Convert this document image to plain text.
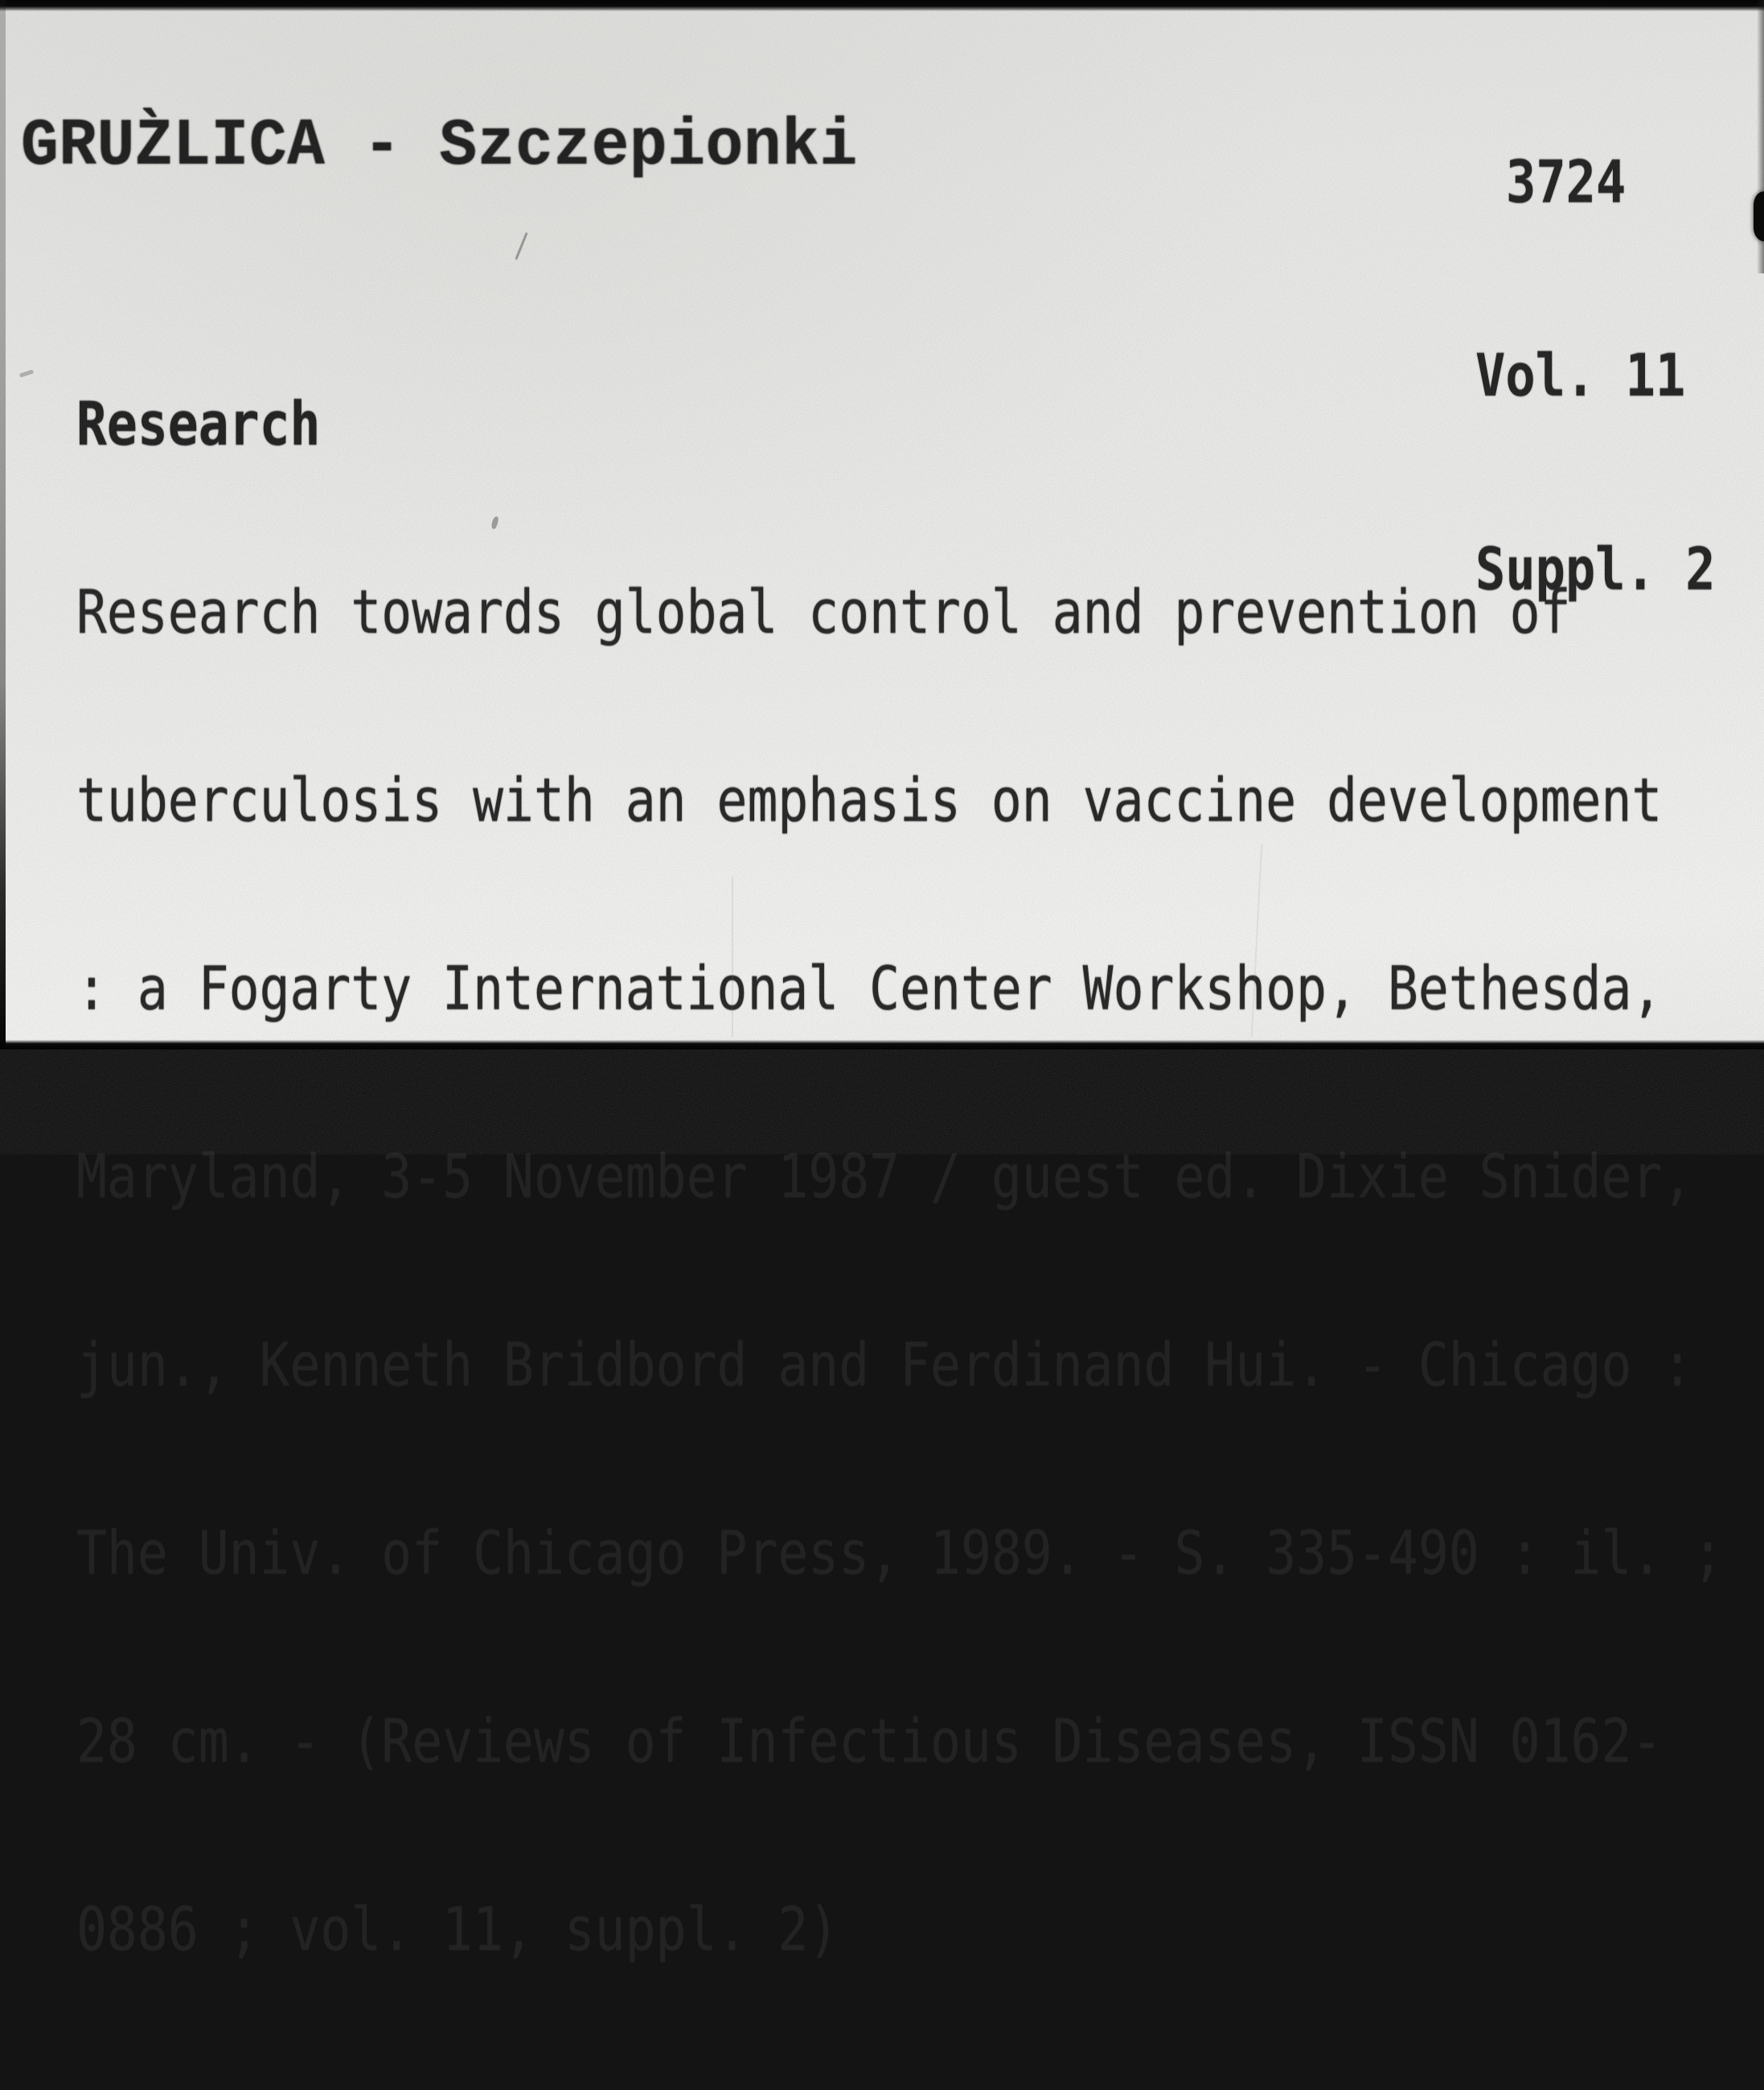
GRUZ̀LICA - Szczepionki

	3724

Vol. 11

Suppl. 2

Research

Research towards global control and prevention of

tuberculosis with an emphasis on vaccine development

: a Fogarty International Center Workshop, Bethesda,

Maryland, 3-5 November 1987 / guest ed. Dixie Snider,

jun., Kenneth Bridbord and Ferdinand Hui. - Chicago :

The Univ. of Chicago Press, 1989. - S. 335-490 : il. ;

28 cm. - (Reviews of Infectious Diseases, ISSN 0162-

0886 ; vol. 11, suppl. 2)
